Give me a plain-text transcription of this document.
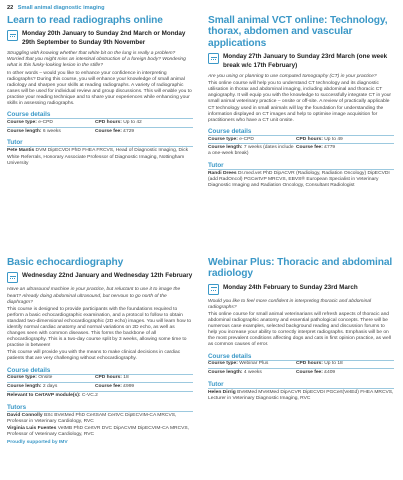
22 Small animal diagnostic imaging
Learn to read radiographs online
Monday 20th January to Sunday 2nd March or Monday 29th September to Sunday 9th November

Struggling with knowing whether that white bit on the lung is really a problem? Worried that you might miss an intestinal obstruction of a foreign body? Wondering what is this funky-looking lesion in the stifle?

In other words – would you like to enhance your confidence in interpreting radiographs? During this course, you will enhance your knowledge of small animal radiology and sharpen your skills at reading radiographs. A variety of radiographic cases will be used for individual review and group discussions. This will enable you to practise your reading technique and to share your experiences while enhancing your skills in assessing radiographs.

Course details
Course type: e-CPD	CPD hours: Up to 42
Course length: 6 weeks	Course fee: £729
Tutor

Pete Mantis DVM DipECVDI PhD FHEA FRCVS, Head of Diagnostic Imaging, Dick White Referrals, Honorary Associate Professor of Diagnostic Imaging, Nottingham University

Small animal VCT online: Technology, thorax, abdomen and vascular applications
Monday 27th January to Sunday 23rd March (one week break w/c 17th February)

Are you using or planning to use computed tomography (CT) in your practice?

This online course will help you to understand CT technology and its diagnostic utilisation in thorax and abdominal imaging, including abdominal and thoracic CT angiography. It will equip you with the knowledge to successfully integrate CT in your small animal veterinary practice – onsite or off-site. A review of practically applicable CT technology used in small animals will lay the foundation for understanding the information displayed on CT images and help to optimise image acquisition for practitioners who have a CT unit onsite.

Course details
Course type: e-CPD	CPD hours: Up to 49
Course length: 7 weeks (dates include a one-week break)
Course fee: £779
Tutor

Randi Drees Dr.med.vet PhD DipACVR (Radiology, Radiation Oncology) DipECVDI (add RadOncol) PGCertVP MRCVS, EBVS® European Specialist in Veterinary Diagnostic Imaging and Radiation Oncology, Consultant Radiologist

Basic echocardiography
Wednesday 22nd January and Wednesday 12th February

Have an ultrasound machine in your practice, but reluctant to use it to image the heart? Already doing abdominal ultrasound, but nervous to go north of the diaphragm?

This course is designed to provide participants with the foundations required to perform a basic echocardiographic examination, and a protocol to follow to obtain standard two-dimensional echocardiographic (2D echo) images. You will learn how to identify normal cardiac anatomy and normal variations on 2D echo, as well as changes seen with common diseases. This forms the backbone of all echocardiography. This is a two-day course split by 3 weeks, allowing some time to practise in between!

This course will provide you with the means to make clinical decisions in cardiac patients that are very challenging without echocardiography.

Course details
Course type: Onsite	CPD hours: 18
Course length: 2 days	Course fee: £999
Relevant to CertAVP module(s): C-VC.2
Tutors

David Connolly BSc BVetMed PhD CertSAM CertVC DipECVIM-CA MRCVS, Professor in Veterinary Cardiology, RVC

Virginia Luis Fuentes VetMB PhD CertVR DVC DipACVIM DipECVIM-CA MRCVS, Professor of Veterinary Cardiology, RVC

Proudly supported by IMV
Webinar Plus: Thoracic and abdominal radiology
Monday 24th February to Sunday 23rd March

Would you like to feel more confident in interpreting thoracic and abdominal radiographs?

This online course for small animal veterinarians will refresh aspects of thoracic and abdominal radiographic anatomy and essential pathological concepts. There will be numerous case examples, selected background reading and discussion forums to help you increase your ability to correctly interpret radiographs. Emphasis will be on the most prevalent conditions affecting dogs and cats in first opinion practice, as well as common causes of error.

Course details
Course type: Webinar Plus	CPD hours: Up to 18
Course length: 4 weeks	Course fee: £409
Tutor

Helen Dirrig BVetMed MVetMed DipACVR DipECVDI PGCert(VetEd) FHEA MRCVS, Lecturer in Veterinary Diagnostic Imaging, RVC
